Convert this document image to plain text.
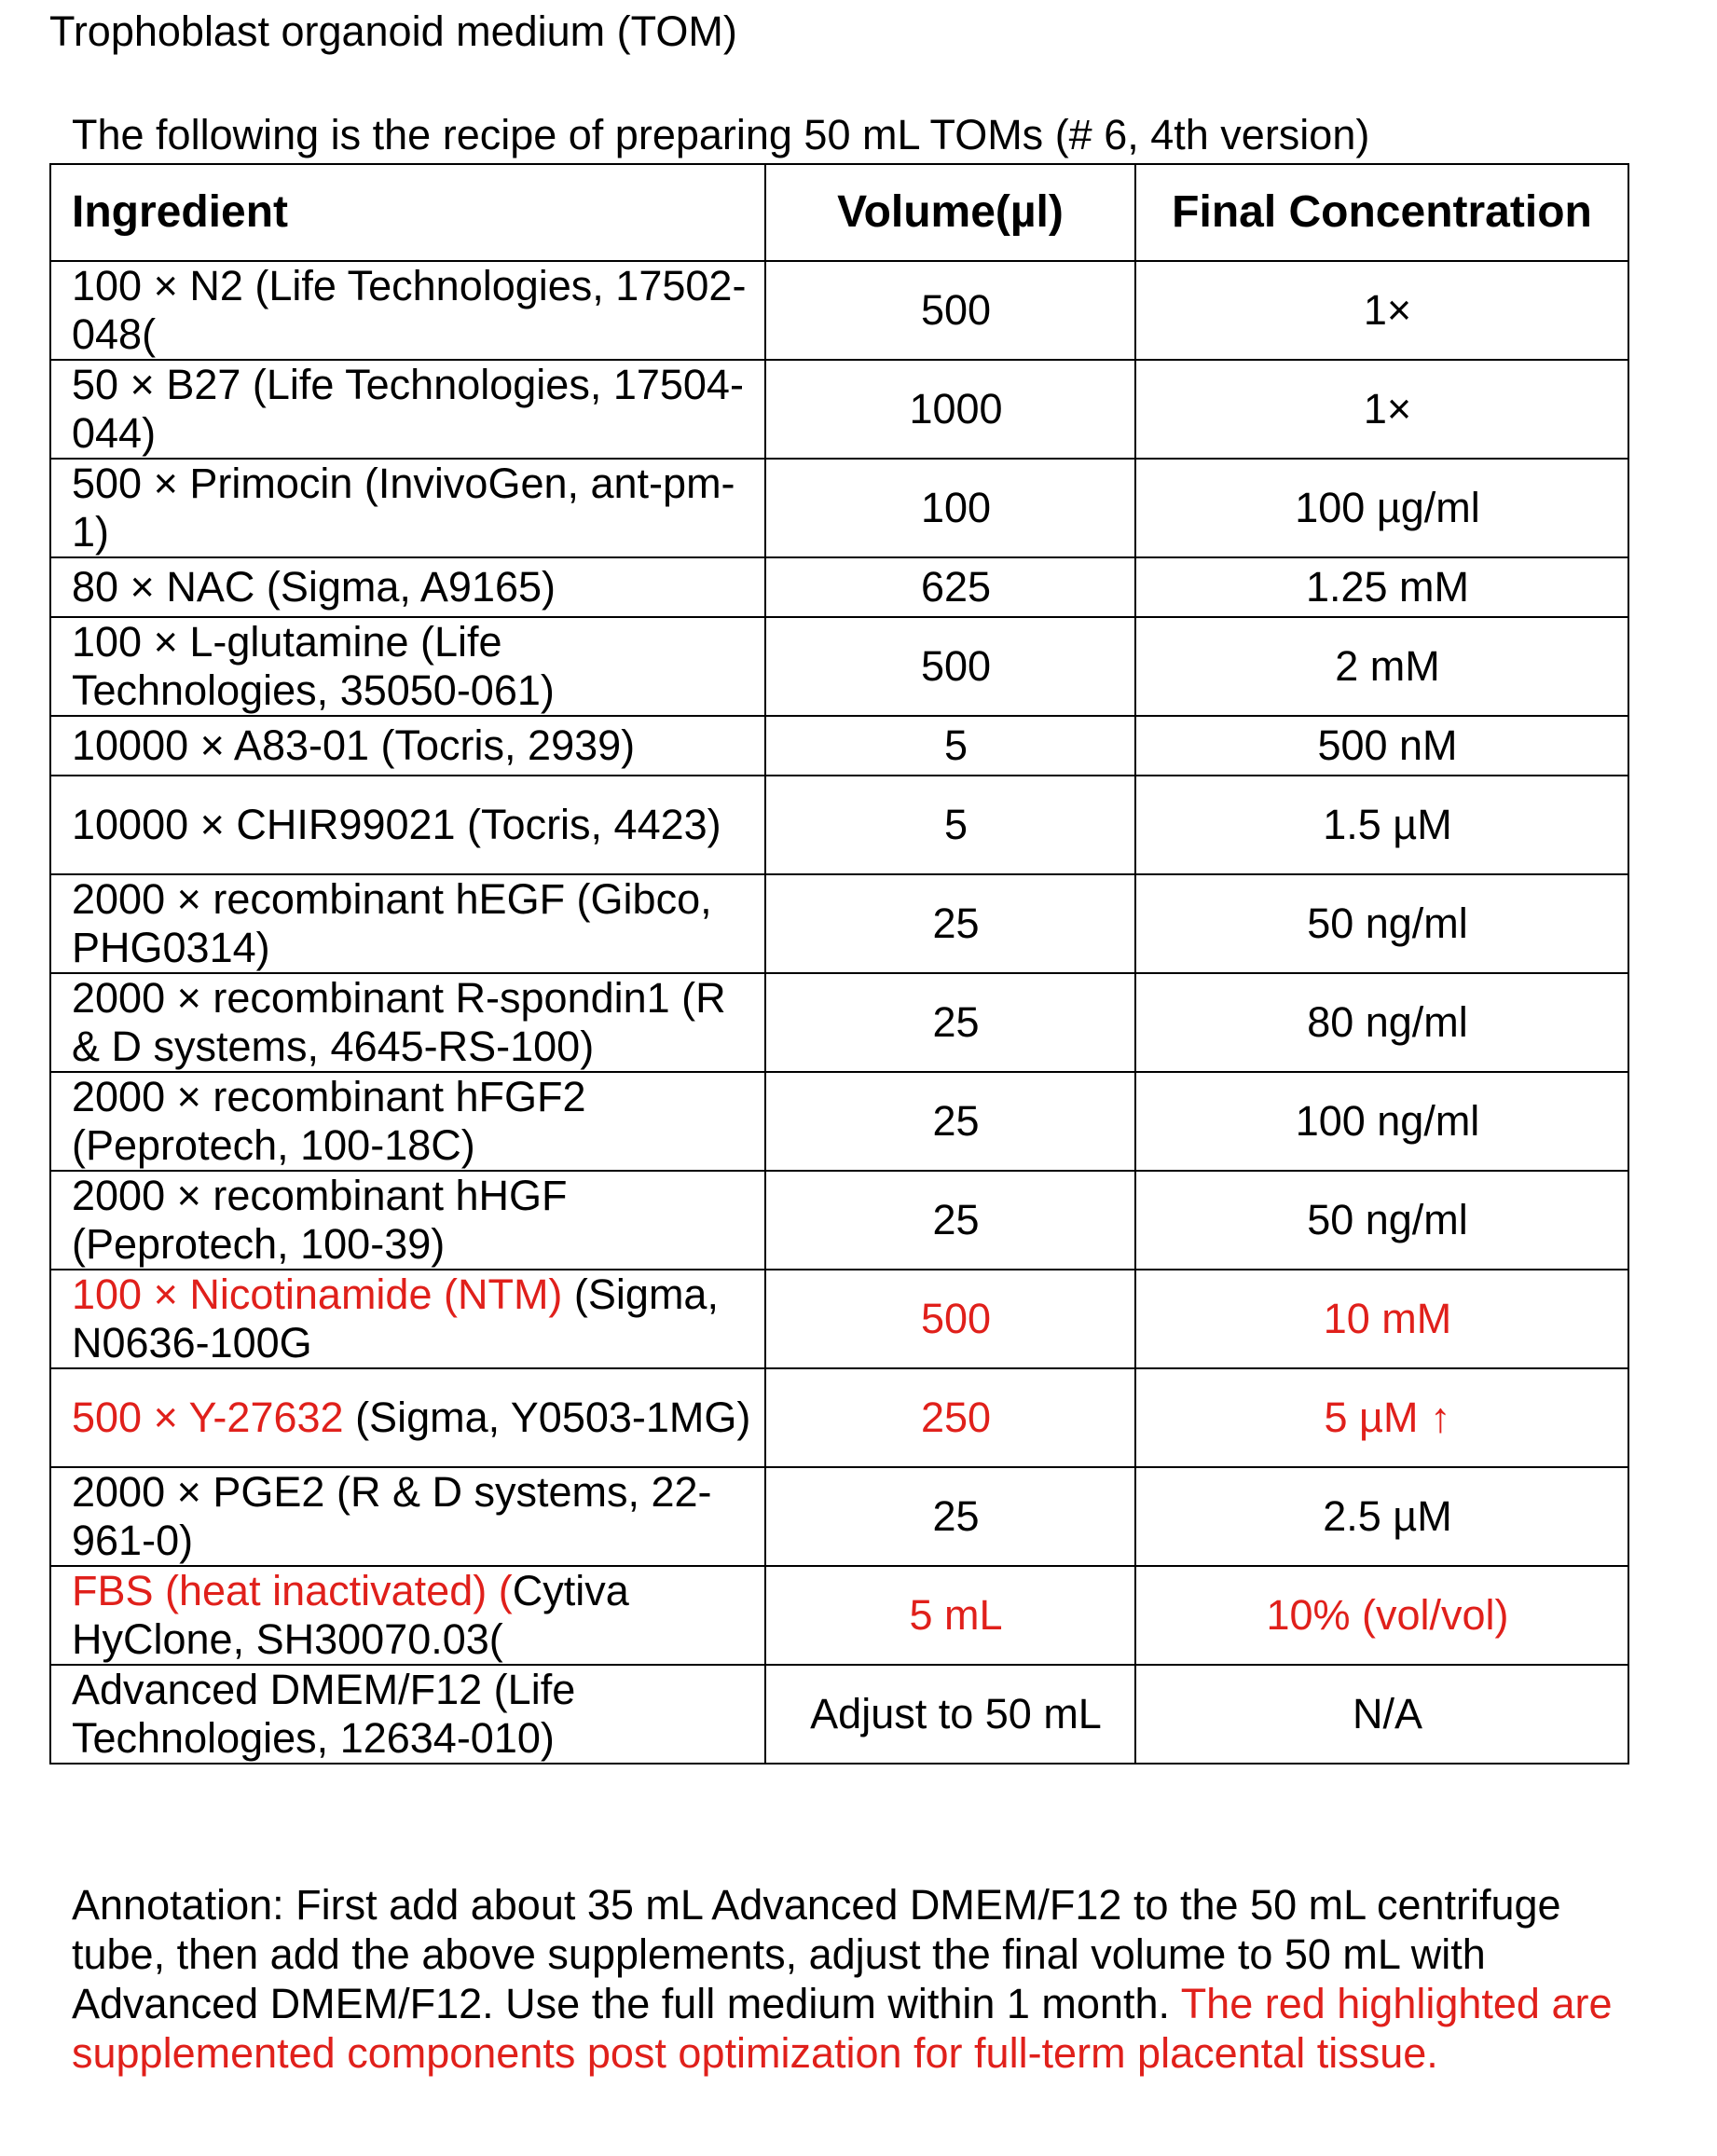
Trophoblast organoid medium (TOM)
The following is the recipe of preparing 50 mL TOMs (# 6, 4th version)
Ingredient	Volume(µl)	Final Concentration
100 × N2 (Life Technologies, 17502-048(	500	1×
50 × B27 (Life Technologies, 17504-044)	1000	1×
500 × Primocin (InvivoGen, ant-pm-1)	100	100 µg/ml
80 × NAC (Sigma, A9165)	625	1.25 mM
100 × L-glutamine (Life Technologies, 35050-061)	500	2 mM
10000 × A83-01 (Tocris, 2939)	5	500 nM
10000 × CHIR99021 (Tocris, 4423)	5	1.5 µM
2000 × recombinant hEGF (Gibco, PHG0314)	25	50 ng/ml
2000 × recombinant R-spondin1 (R & D systems, 4645-RS-100)	25	80 ng/ml
2000 × recombinant hFGF2 (Peprotech, 100-18C)	25	100 ng/ml
2000 × recombinant hHGF (Peprotech, 100-39)	25	50 ng/ml
100 × Nicotinamide (NTM) (Sigma, N0636-100G	500	10 mM
500 × Y-27632 (Sigma, Y0503-1MG)	250	5 µM ↑
2000 × PGE2 (R & D systems, 22-961-0)	25	2.5 µM
FBS (heat inactivated) (Cytiva HyClone, SH30070.03(	5 mL	10% (vol/vol)
Advanced DMEM/F12 (Life Technologies, 12634-010)	Adjust to 50 mL	N/A
Annotation: First add about 35 mL Advanced DMEM/F12 to the 50 mL centrifuge tube, then add the above supplements, adjust the final volume to 50 mL with Advanced DMEM/F12. Use the full medium within 1 month. The red highlighted are supplemented components post optimization for full-term placental tissue.
